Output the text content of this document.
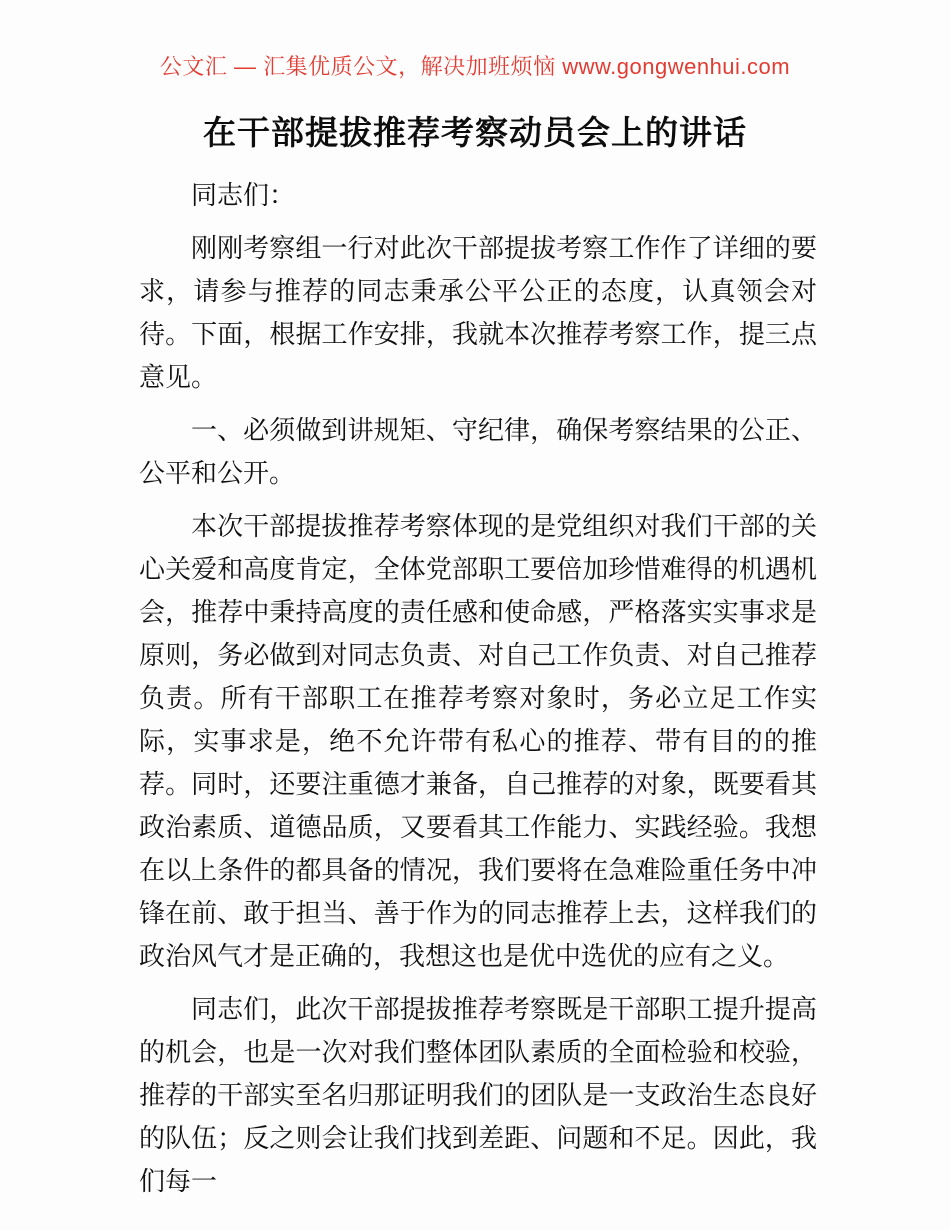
公文汇 — 汇集优质公文，解决加班烦恼 www.gongwenhui.com
在干部提拔推荐考察动员会上的讲话

同志们：

刚刚考察组一行对此次干部提拔考察工作作了详细的要求，请参与推荐的同志秉承公平公正的态度，认真领会对待。下面，根据工作安排，我就本次推荐考察工作，提三点意见。

一、必须做到讲规矩、守纪律，确保考察结果的公正、公平和公开。

本次干部提拔推荐考察体现的是党组织对我们干部的关心关爱和高度肯定，全体党部职工要倍加珍惜难得的机遇机会，推荐中秉持高度的责任感和使命感，严格落实实事求是原则，务必做到对同志负责、对自己工作负责、对自己推荐负责。所有干部职工在推荐考察对象时，务必立足工作实际，实事求是，绝不允许带有私心的推荐、带有目的的推荐。同时，还要注重德才兼备，自己推荐的对象，既要看其政治素质、道德品质，又要看其工作能力、实践经验。我想在以上条件的都具备的情况，我们要将在急难险重任务中冲锋在前、敢于担当、善于作为的同志推荐上去，这样我们的政治风气才是正确的，我想这也是优中选优的应有之义。

同志们，此次干部提拔推荐考察既是干部职工提升提高的机会，也是一次对我们整体团队素质的全面检验和校验，推荐的干部实至名归那证明我们的团队是一支政治生态良好的队伍；反之则会让我们找到差距、问题和不足。因此，我们每一
